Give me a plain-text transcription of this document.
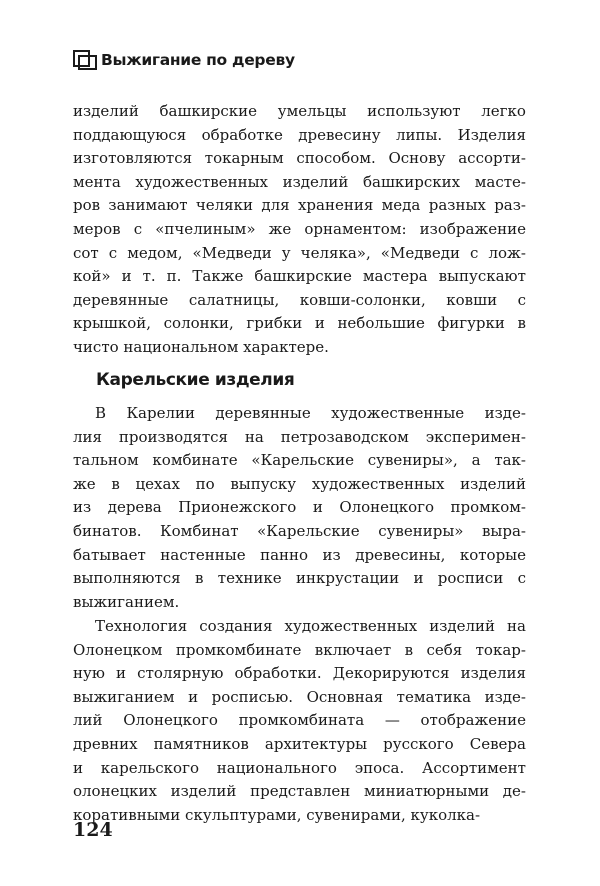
Выжигание по дереву
изделий башкирские умельцы используют легко
поддающуюся обработке древесину липы. Изделия
изготовляются токарным способом. Основу ассорти-
мента художественных изделий башкирских масте-
ров занимают челяки для хранения меда разных раз-
меров с «пчелиным» же орнаментом: изображение
сот с медом, «Медведи у челяка», «Медведи с лож-
кой» и т. п. Также башкирские мастера выпускают
деревянные салатницы, ковши-солонки, ковши с
крышкой, солонки, грибки и небольшие фигурки в
чисто национальном характере.
Карельские изделия
В Карелии деревянные художественные изде-
лия производятся на петрозаводском эксперимен-
тальном комбинате «Карельские сувениры», а так-
же в цехах по выпуску художественных изделий
из дерева Прионежского и Олонецкого промком-
бинатов. Комбинат «Карельские сувениры» выра-
батывает настенные панно из древесины, которые
выполняются в технике инкрустации и росписи с
выжиганием.
Технология создания художественных изделий на
Олонецком промкомбинате включает в себя токар-
ную и столярную обработки. Декорируются изделия
выжиганием и росписью. Основная тематика изде-
лий Олонецкого промкомбината — отображение
древних памятников архитектуры русского Севера
и карельского национального эпоса. Ассортимент
олонецких изделий представлен миниатюрными де-
коративными скульптурами, сувенирами, куколка-
124
